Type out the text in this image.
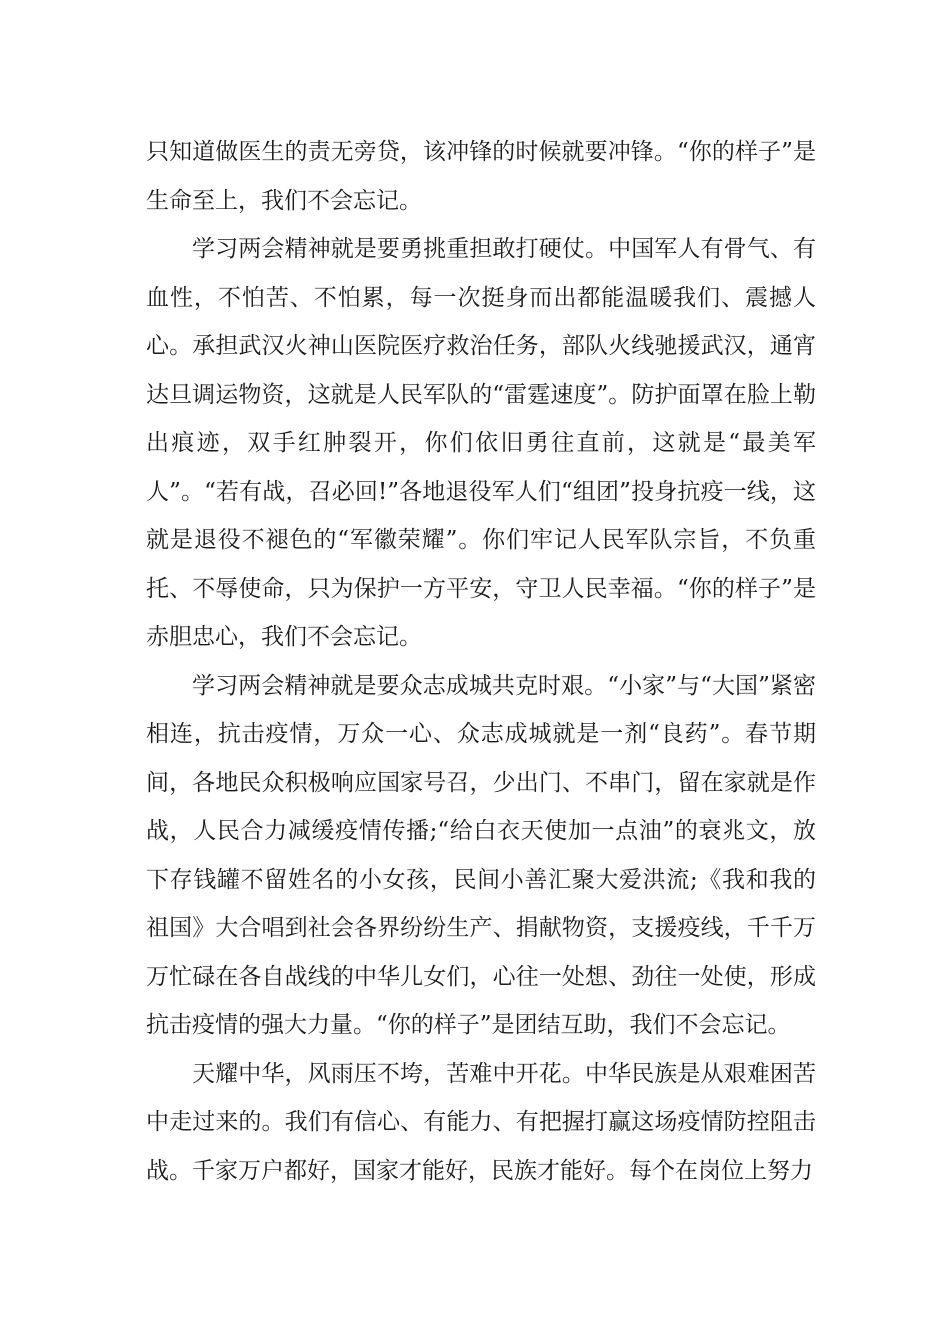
只知道做医生的责无旁贷，该冲锋的时候就要冲锋。“你的样子”是生命至上，我们不会忘记。

学习两会精神就是要勇挑重担敢打硬仗。中国军人有骨气、有血性，不怕苦、不怕累，每一次挺身而出都能温暖我们、震撼人心。承担武汉火神山医院医疗救治任务，部队火线驰援武汉，通宵达旦调运物资，这就是人民军队的“雷霆速度”。防护面罩在脸上勒出痕迹，双手红肿裂开，你们依旧勇往直前，这就是“最美军人”。“若有战，召必回!”各地退役军人们“组团”投身抗疫一线，这就是退役不褪色的“军徽荣耀”。你们牢记人民军队宗旨，不负重托、不辱使命，只为保护一方平安，守卫人民幸福。“你的样子”是赤胆忠心，我们不会忘记。

学习两会精神就是要众志成城共克时艰。“小家”与“大国”紧密相连，抗击疫情，万众一心、众志成城就是一剂“良药”。春节期间，各地民众积极响应国家号召，少出门、不串门，留在家就是作战，人民合力减缓疫情传播;“给白衣天使加一点油”的衰兆文，放下存钱罐不留姓名的小女孩，民间小善汇聚大爱洪流;《我和我的祖国》大合唱到社会各界纷纷生产、捐献物资，支援疫线，千千万万忙碌在各自战线的中华儿女们，心往一处想、劲往一处使，形成抗击疫情的强大力量。“你的样子”是团结互助，我们不会忘记。

天耀中华，风雨压不垮，苦难中开花。中华民族是从艰难困苦中走过来的。我们有信心、有能力、有把握打赢这场疫情防控阻击战。千家万户都好，国家才能好，民族才能好。每个在岗位上努力
